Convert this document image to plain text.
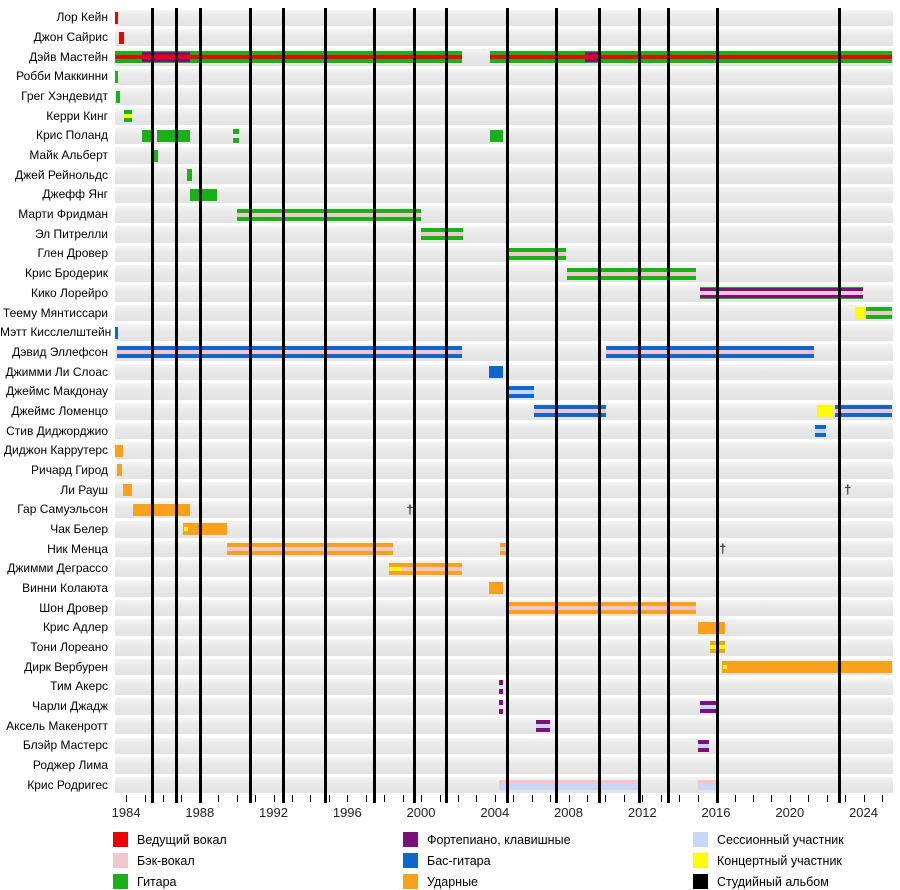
Лор Кейн
Джон Сайрис
Дэйв Мастейн
Робби Маккинни
Грег Хэндевидт
Керри Кинг
Крис Поланд
Майк Альберт
Джей Рейнольдс
Джефф Янг
Марти Фридман
Эл Питрелли
Глен Дровер
Крис Бродерик
Кико Лорейро
Теему Мянтиссари
Мэтт Кисслелштейн
Дэвид Эллефсон
Джимми Ли Слоас
Джеймс Макдонау
Джеймс Ломенцо
Стив Диджорджио
Диджон Каррутерс
Ричард Гирод
Ли Рауш
Гар Самуэльсон
Чак Белер
Ник Менца
Джимми Деграссо
Винни Колаюта
Шон Дровер
Крис Адлер
Тони Лореано
Дирк Вербурен
Тим Акерс
Чарли Джадж
Аксель Макенротт
Блэйр Мастерс
Роджер Лима
Крис Родригес
†
†
†
1984	1988	1992	1996	2000	2004	2008	2012	2016	2020	2024
Ведущий вокал
Бэк-вокал
Гитара
Фортепиано, клавишные
Бас-гитара
Ударные
Сессионный участник
Концертный участник
Студийный альбом
